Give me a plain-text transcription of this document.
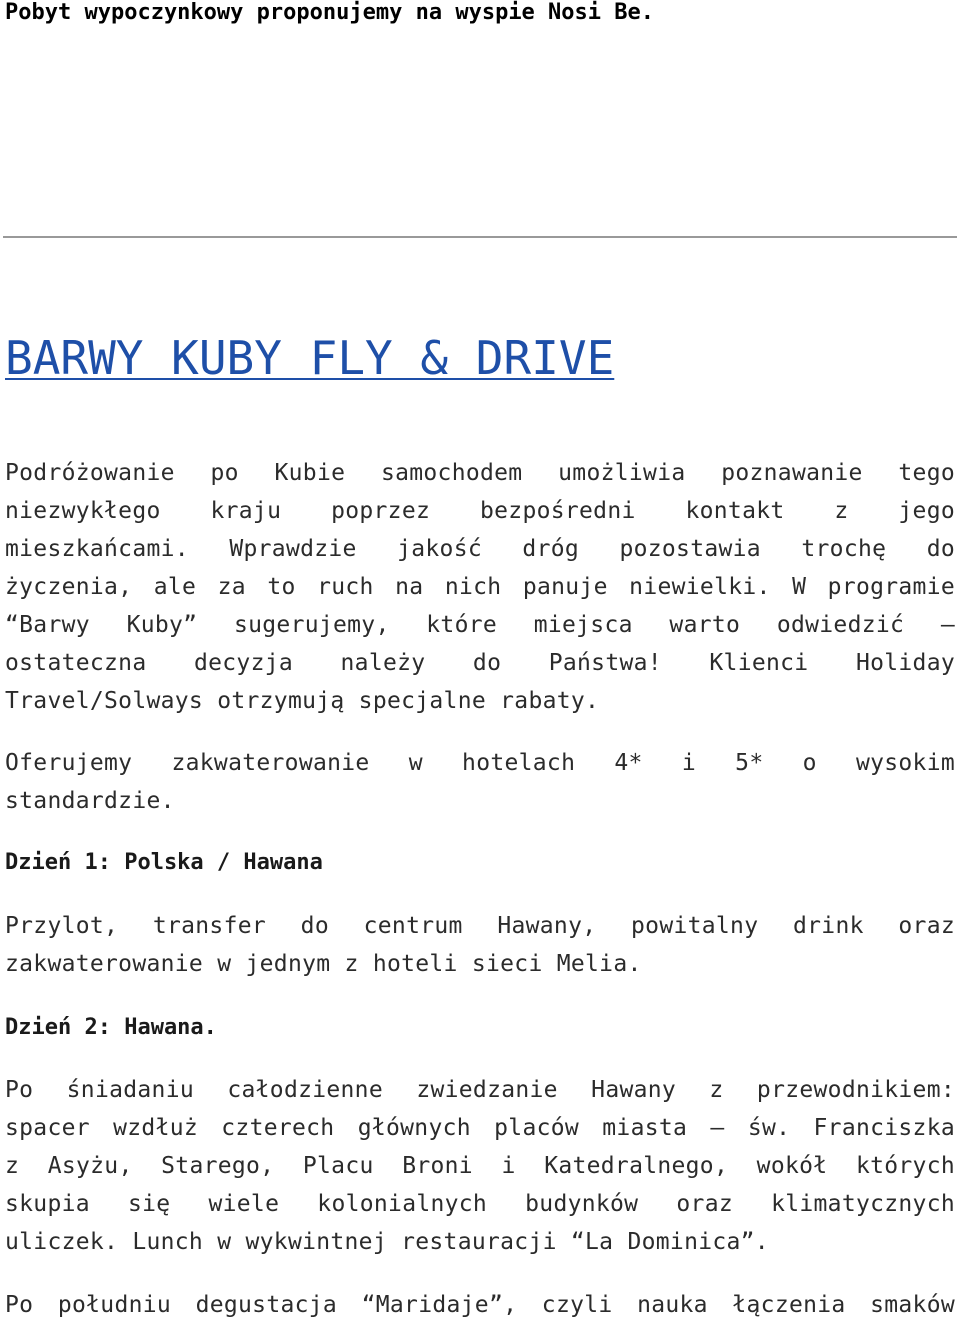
Pobyt wypoczynkowy proponujemy na wyspie Nosi Be.

BARWY KUBY FLY & DRIVE

Podróżowanie po Kubie samochodem umożliwia poznawanie tego
niezwykłego kraju poprzez bezpośredni kontakt z jego
mieszkańcami. Wprawdzie jakość dróg pozostawia trochę do
życzenia, ale za to ruch na nich panuje niewielki. W programie
“Barwy Kuby” sugerujemy, które miejsca warto odwiedzić –
ostateczna decyzja należy do Państwa! Klienci Holiday
Travel/Solways otrzymują specjalne rabaty.

Oferujemy zakwaterowanie w hotelach 4* i 5* o wysokim
standardzie.

Dzień 1: Polska / Hawana

Przylot, transfer do centrum Hawany, powitalny drink oraz
zakwaterowanie w jednym z hoteli sieci Melia.

Dzień 2: Hawana.

Po śniadaniu całodzienne zwiedzanie Hawany z przewodnikiem:
spacer wzdłuż czterech głównych placów miasta – św. Franciszka
z Asyżu, Starego, Placu Broni i Katedralnego, wokół których
skupia się wiele kolonialnych budynków oraz klimatycznych
uliczek. Lunch w wykwintnej restauracji “La Dominica”.

Po południu degustacja “Maridaje”, czyli nauka łączenia smaków
